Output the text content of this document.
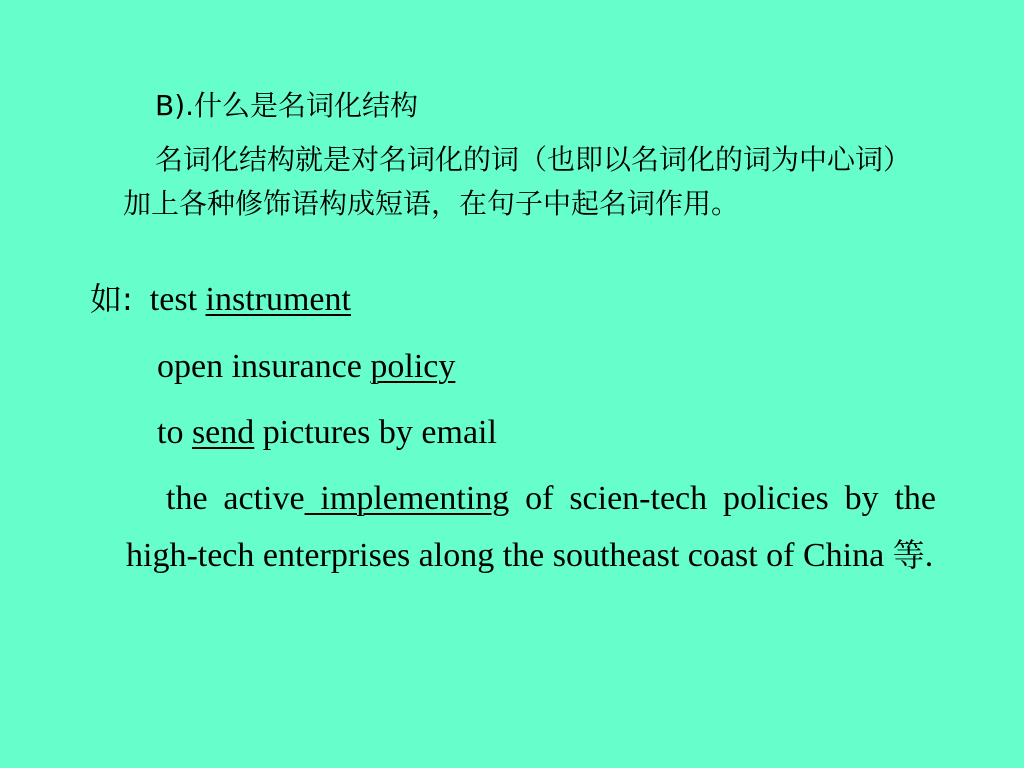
B).什么是名词化结构
名词化结构就是对名词化的词（也即以名词化的词为中心词）加上各种修饰语构成短语，在句子中起名词作用。
如: test instrument
open insurance policy
to send pictures by email
the active implementing of scien-tech policies by the high-tech enterprises along the southeast coast of China 等.
